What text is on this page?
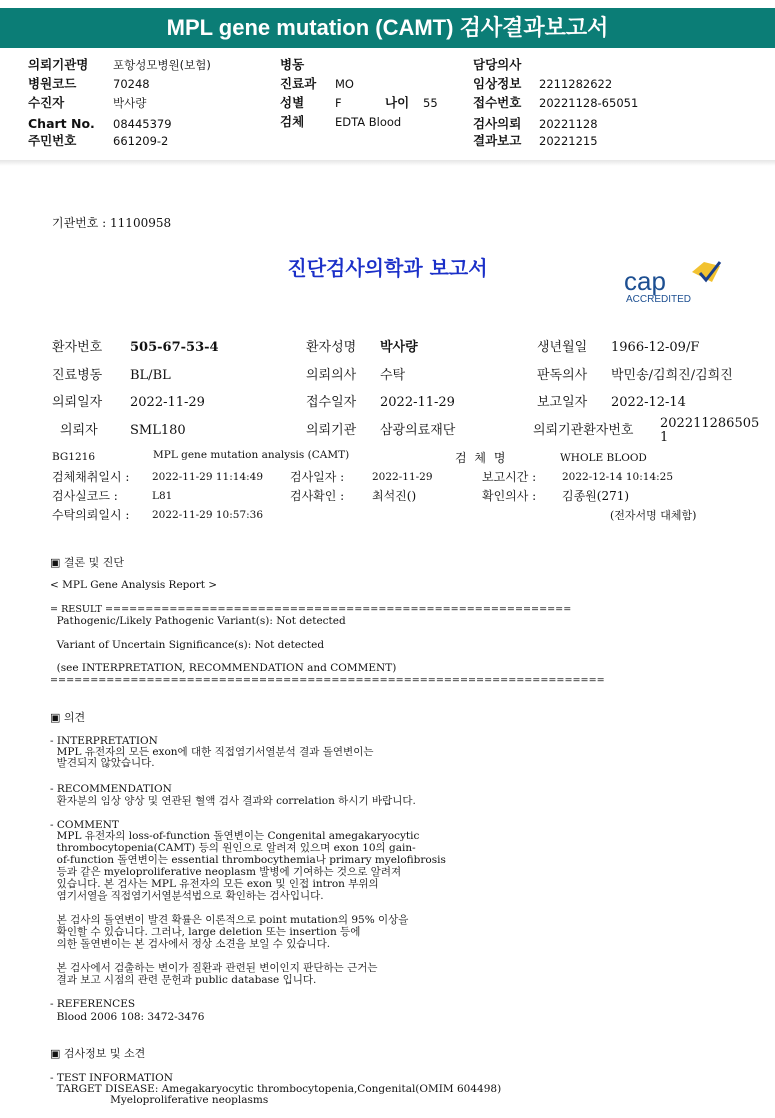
MPL gene mutation (CAMT) 검사결과보고서
의뢰기관명 포항성모병원(보험)
병원코드	70248
수진자	박사량
Chart No. 08445379
주민번호	661209-2
병동
진료과 MO
성별	F	나이 55
검체	EDTA Blood
담당의사
임상정보 2211282622
접수번호 20221128-65051
검사의뢰 20221128
결과보고 20221215
기관번호 : 11100958
진단검사의학과 보고서	cap
ACCREDITED
환자번호 505-67-53-4	환자성명 박사량	생년월일 1966-12-09/F
진료병동 BL/BL	의뢰의사 수탁	판독의사 박민송/김희진/김희진
의뢰일자 2022-11-29	접수일자 2022-11-29	보고일자 2022-12-14
의뢰자 SML180	의뢰기관 삼광의료재단	의뢰기관환자번호 202211286505
1
BG1216	MPL gene mutation analysis (CAMT)	검 체 명	WHOLE BLOOD
검체채취일시 : 2022-11-29 11:14:49 검사일자 :	2022-11-29	보고시간 : 2022-12-14 10:14:25
검사실코드 :	L81	검사확인 : 최석진()	확인의사 : 김종원(271)
수탁의뢰일시 : 2022-11-29 10:57:36	(전자서명 대체함)
▣ 결론 및 진단
< MPL Gene Analysis Report >
= RESULT ==========================================================
Pathogenic/Likely Pathogenic Variant(s): Not detected
Variant of Uncertain Significance(s): Not detected
(see INTERPRETATION, RECOMMENDATION and COMMENT)
=====================================================================
▣ 의견
- INTERPRETATION
MPL 유전자의 모든 exon에 대한 직접염기서열분석 결과 돌연변이는
발견되지 않았습니다.
- RECOMMENDATION
환자분의 임상 양상 및 연관된 혈액 검사 결과와 correlation 하시기 바랍니다.
- COMMENT
MPL 유전자의 loss-of-function 돌연변이는 Congenital amegakaryocytic
thrombocytopenia(CAMT) 등의 원인으로 알려져 있으며 exon 10의 gain-
of-function 돌연변이는 essential thrombocythemia나 primary myelofibrosis
등과 같은 myeloproliferative neoplasm 발병에 기여하는 것으로 알려져
있습니다. 본 검사는 MPL 유전자의 모든 exon 및 인접 intron 부위의
염기서열을 직접염기서열분석법으로 확인하는 검사입니다.
본 검사의 돌연변이 발견 확률은 이론적으로 point mutation의 95% 이상을
확인할 수 있습니다. 그러나, large deletion 또는 insertion 등에
의한 돌연변이는 본 검사에서 정상 소견을 보일 수 있습니다.
본 검사에서 검출하는 변이가 질환과 관련된 변이인지 판단하는 근거는
결과 보고 시점의 관련 문헌과 public database 입니다.
- REFERENCES
Blood 2006 108: 3472-3476
▣ 검사정보 및 소견
- TEST INFORMATION
TARGET DISEASE: Amegakaryocytic thrombocytopenia,Congenital(OMIM 604498)
Myeloproliferative neoplasms
